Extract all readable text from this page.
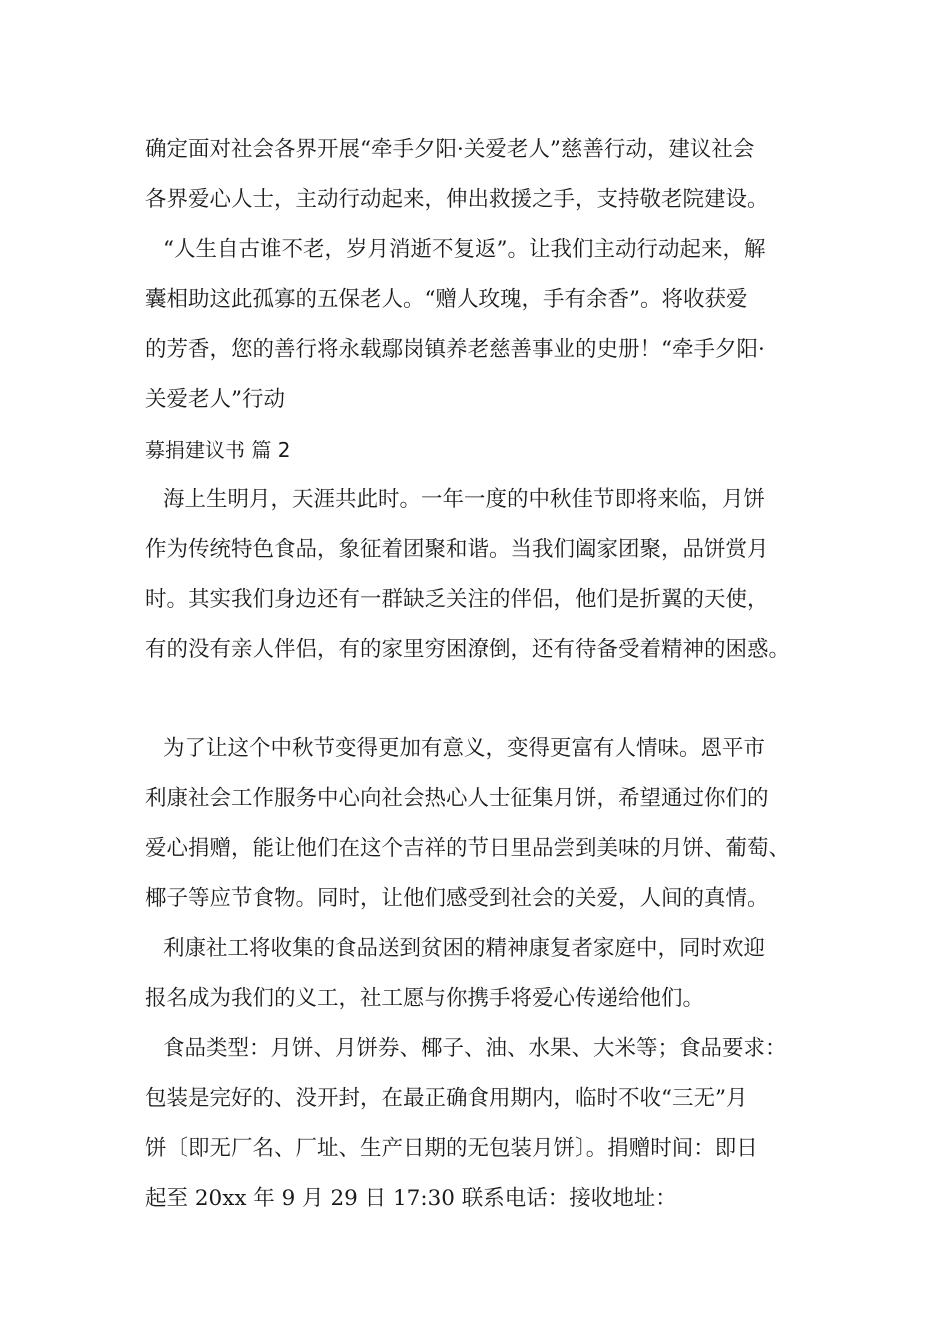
确定面对社会各界开展“牵手夕阳·关爱老人”慈善行动，建议社会
各界爱心人士，主动行动起来，伸出救援之手，支持敬老院建设。
“人生自古谁不老，岁月消逝不复返”。让我们主动行动起来，解
囊相助这此孤寡的五保老人。“赠人玫瑰，手有余香”。将收获爱
的芳香，您的善行将永载鄢岗镇养老慈善事业的史册！“牵手夕阳·
关爱老人”行动
募捐建议书 篇 2
海上生明月，天涯共此时。一年一度的中秋佳节即将来临，月饼
作为传统特色食品，象征着团聚和谐。当我们阖家团聚，品饼赏月
时。其实我们身边还有一群缺乏关注的伴侣，他们是折翼的天使，
有的没有亲人伴侣，有的家里穷困潦倒，还有待备受着精神的困惑。
为了让这个中秋节变得更加有意义，变得更富有人情味。恩平市
利康社会工作服务中心向社会热心人士征集月饼，希望通过你们的
爱心捐赠，能让他们在这个吉祥的节日里品尝到美味的月饼、葡萄、
椰子等应节食物。同时，让他们感受到社会的关爱，人间的真情。
利康社工将收集的食品送到贫困的精神康复者家庭中，同时欢迎
报名成为我们的义工，社工愿与你携手将爱心传递给他们。
食品类型：月饼、月饼券、椰子、油、水果、大米等；食品要求：
包装是完好的、没开封，在最正确食用期内，临时不收“三无”月
饼〔即无厂名、厂址、生产日期的无包装月饼〕。捐赠时间：即日
起至 20xx 年 9 月 29 日 17:30 联系电话：接收地址：
